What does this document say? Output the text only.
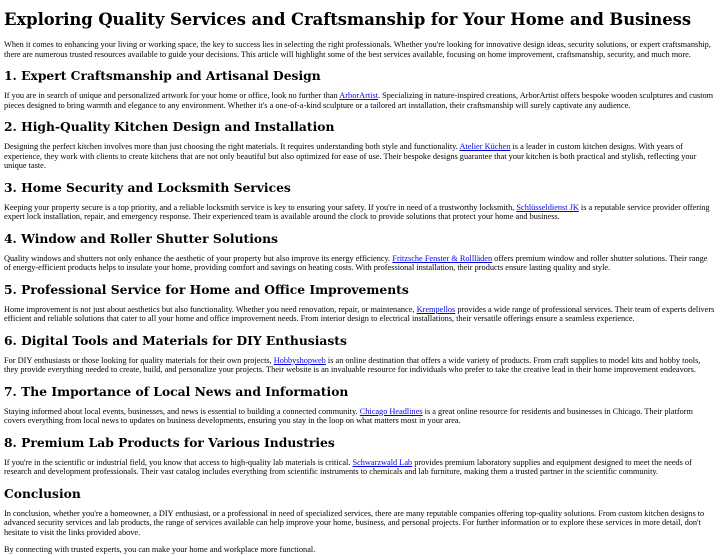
Exploring Quality Services and Craftsmanship for Your Home and Business

When it comes to enhancing your living or working space, the key to success lies in selecting the right professionals. Whether you're looking for innovative design ideas, security solutions, or expert craftsmanship, there are numerous trusted resources available to guide your decisions. This article will highlight some of the best services available, focusing on home improvement, craftsmanship, security, and much more.

1. Expert Craftsmanship and Artisanal Design

If you are in search of unique and personalized artwork for your home or office, look no further than ArborArtist. Specializing in nature-inspired creations, ArborArtist offers bespoke wooden sculptures and custom pieces designed to bring warmth and elegance to any environment. Whether it's a one-of-a-kind sculpture or a tailored art installation, their craftsmanship will surely captivate any audience.

2. High-Quality Kitchen Design and Installation

Designing the perfect kitchen involves more than just choosing the right materials. It requires understanding both style and functionality. Atelier Küchen is a leader in custom kitchen designs. With years of experience, they work with clients to create kitchens that are not only beautiful but also optimized for ease of use. Their bespoke designs guarantee that your kitchen is both practical and stylish, reflecting your unique taste.

3. Home Security and Locksmith Services

Keeping your property secure is a top priority, and a reliable locksmith service is key to ensuring your safety. If you're in need of a trustworthy locksmith, Schlüsseldienst JK is a reputable service provider offering expert lock installation, repair, and emergency response. Their experienced team is available around the clock to provide solutions that protect your home and business.

4. Window and Roller Shutter Solutions

Quality windows and shutters not only enhance the aesthetic of your property but also improve its energy efficiency. Fritzsche Fenster & Rollläden offers premium window and roller shutter solutions. Their range of energy-efficient products helps to insulate your home, providing comfort and savings on heating costs. With professional installation, their products ensure lasting quality and style.

5. Professional Service for Home and Office Improvements

Home improvement is not just about aesthetics but also functionality. Whether you need renovation, repair, or maintenance, Krempellos provides a wide range of professional services. Their team of experts delivers efficient and reliable solutions that cater to all your home and office improvement needs. From interior design to electrical installations, their versatile offerings ensure a seamless experience.

6. Digital Tools and Materials for DIY Enthusiasts

For DIY enthusiasts or those looking for quality materials for their own projects, Hobbyshopweb is an online destination that offers a wide variety of products. From craft supplies to model kits and hobby tools, they provide everything needed to create, build, and personalize your projects. Their website is an invaluable resource for individuals who prefer to take the creative lead in their home improvement endeavors.

7. The Importance of Local News and Information

Staying informed about local events, businesses, and news is essential to building a connected community. Chicago Headlines is a great online resource for residents and businesses in Chicago. Their platform covers everything from local news to updates on business developments, ensuring you stay in the loop on what matters most in your area.

8. Premium Lab Products for Various Industries

If you're in the scientific or industrial field, you know that access to high-quality lab materials is critical. Schwarzwald Lab provides premium laboratory supplies and equipment designed to meet the needs of research and development professionals. Their vast catalog includes everything from scientific instruments to chemicals and lab furniture, making them a trusted partner in the scientific community.

Conclusion

In conclusion, whether you're a homeowner, a DIY enthusiast, or a professional in need of specialized services, there are many reputable companies offering top-quality solutions. From custom kitchen designs to advanced security services and lab products, the range of services available can help improve your home, business, and personal projects. For further information or to explore these services in more detail, don't hesitate to visit the links provided above.

By connecting with trusted experts, you can make your home and workplace more functional.
